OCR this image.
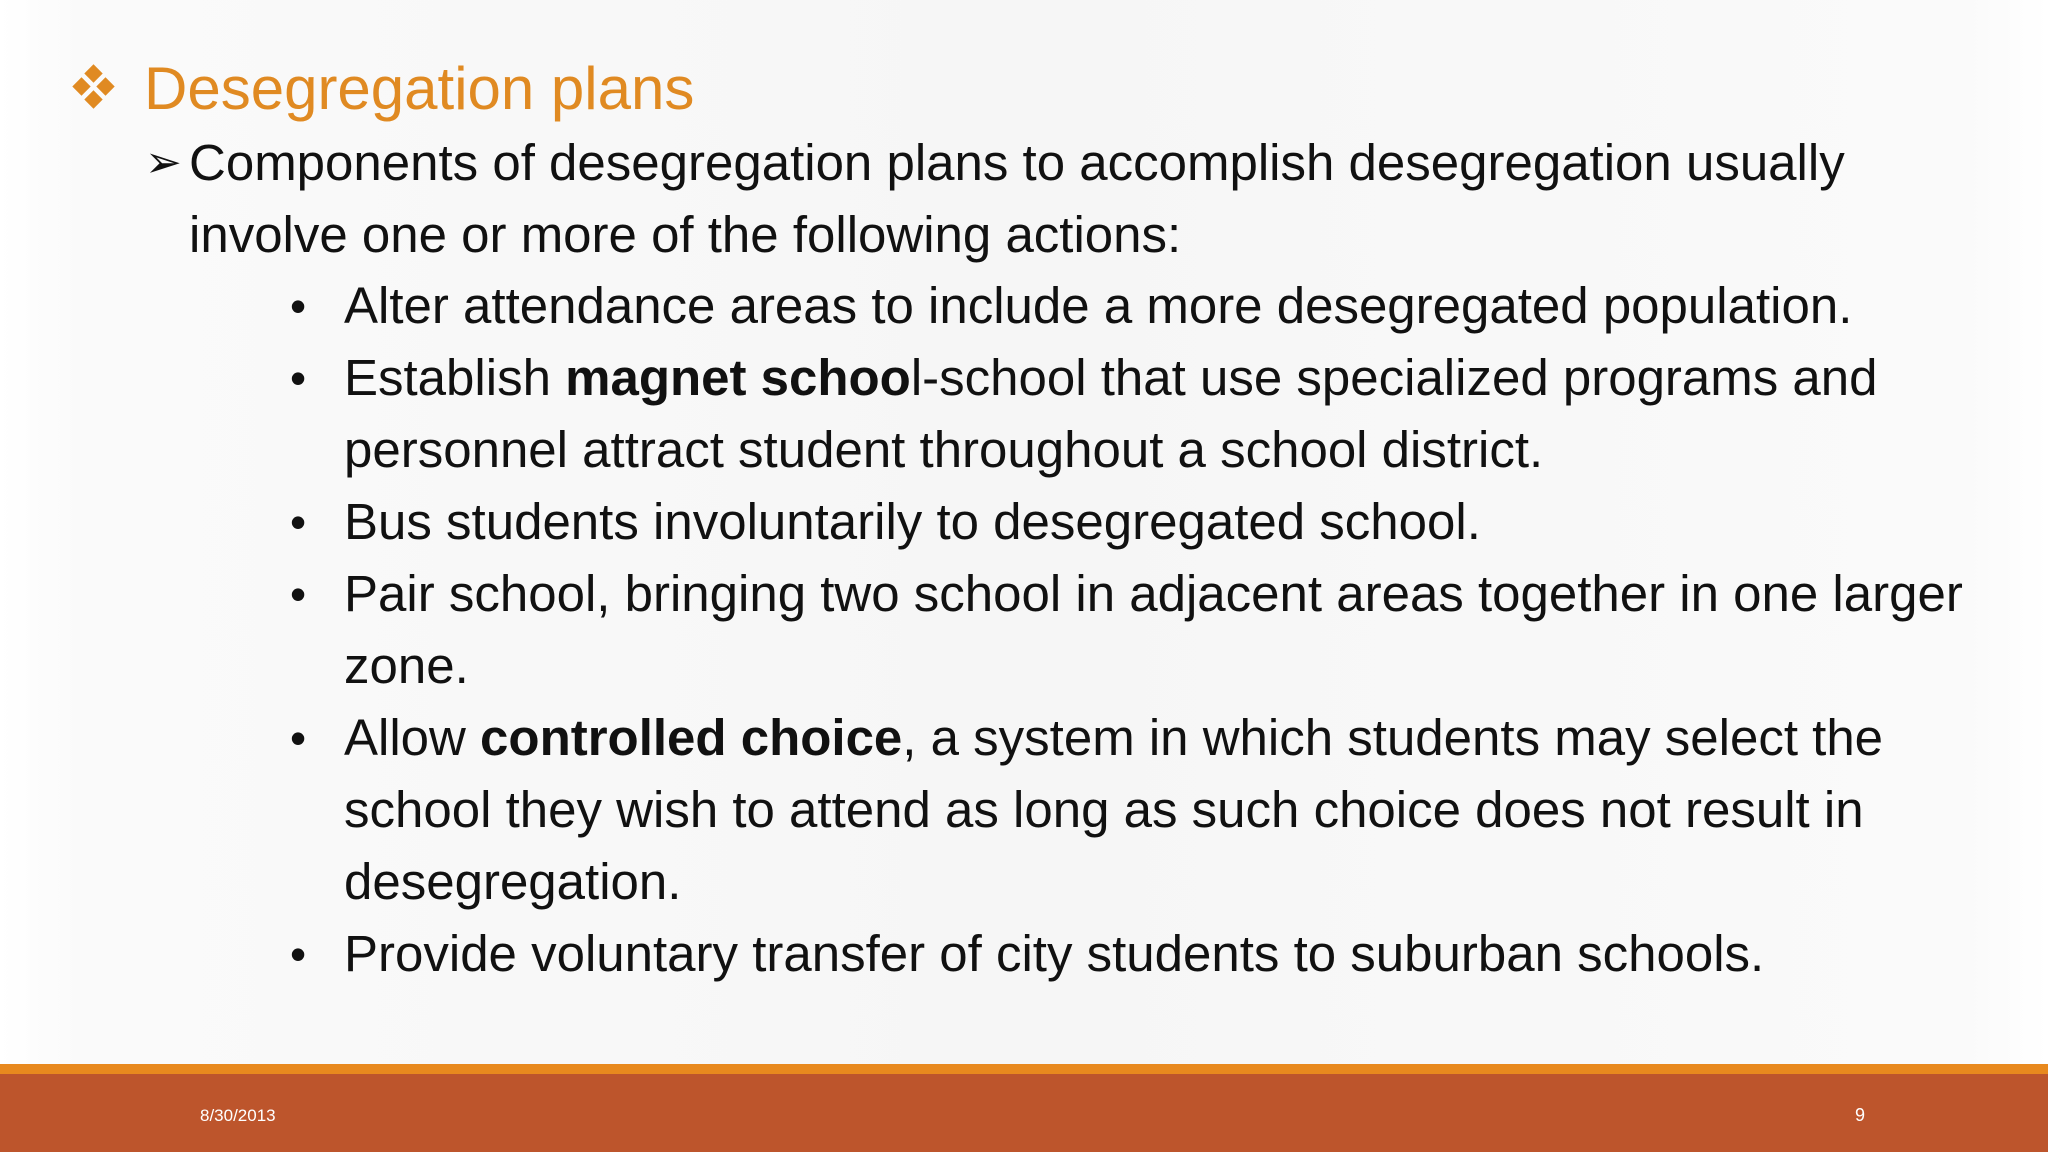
Desegregation plans
➢ Components of desegregation plans to accomplish desegregation usually involve one or more of the following actions:
• Alter attendance areas to include a more desegregated population.
• Establish magnet school-school that use specialized programs and personnel attract student throughout a school district.
• Bus students involuntarily to desegregated school.
• Pair school, bringing two school in adjacent areas together in one larger zone.
• Allow controlled choice, a system in which students may select the school they wish to attend as long as such choice does not result in desegregation.
• Provide voluntary transfer of city students to suburban schools.
8/30/2013	9
